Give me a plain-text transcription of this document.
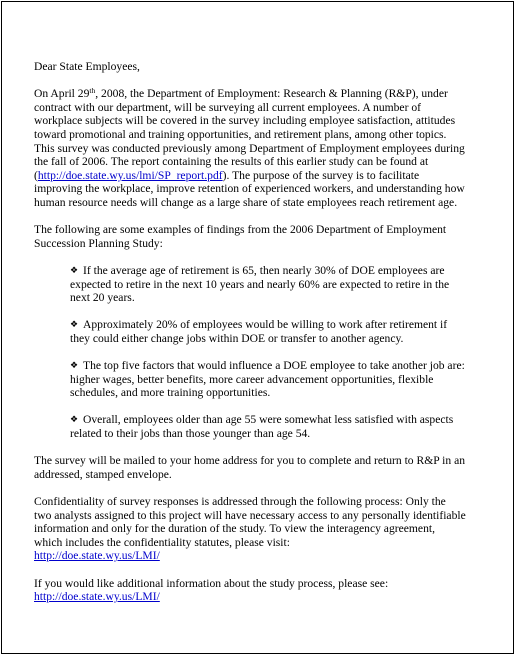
Dear State Employees,

On April 29th, 2008, the Department of Employment: Research & Planning (R&P), under contract with our department, will be surveying all current employees. A number of workplace subjects will be covered in the survey including employee satisfaction, attitudes toward promotional and training opportunities, and retirement plans, among other topics. This survey was conducted previously among Department of Employment employees during the fall of 2006. The report containing the results of this earlier study can be found at (http://doe.state.wy.us/lmi/SP_report.pdf). The purpose of the survey is to facilitate improving the workplace, improve retention of experienced workers, and understanding how human resource needs will change as a large share of state employees reach retirement age.

The following are some examples of findings from the 2006 Department of Employment Succession Planning Study:

❖ If the average age of retirement is 65, then nearly 30% of DOE employees are expected to retire in the next 10 years and nearly 60% are expected to retire in the next 20 years.
❖ Approximately 20% of employees would be willing to work after retirement if they could either change jobs within DOE or transfer to another agency.
❖ The top five factors that would influence a DOE employee to take another job are: higher wages, better benefits, more career advancement opportunities, flexible schedules, and more training opportunities.
❖ Overall, employees older than age 55 were somewhat less satisfied with aspects related to their jobs than those younger than age 54.

The survey will be mailed to your home address for you to complete and return to R&P in an addressed, stamped envelope.

Confidentiality of survey responses is addressed through the following process: Only the two analysts assigned to this project will have necessary access to any personally identifiable information and only for the duration of the study. To view the interagency agreement, which includes the confidentiality statutes, please visit:
http://doe.state.wy.us/LMI/

If you would like additional information about the study process, please see:
http://doe.state.wy.us/LMI/
